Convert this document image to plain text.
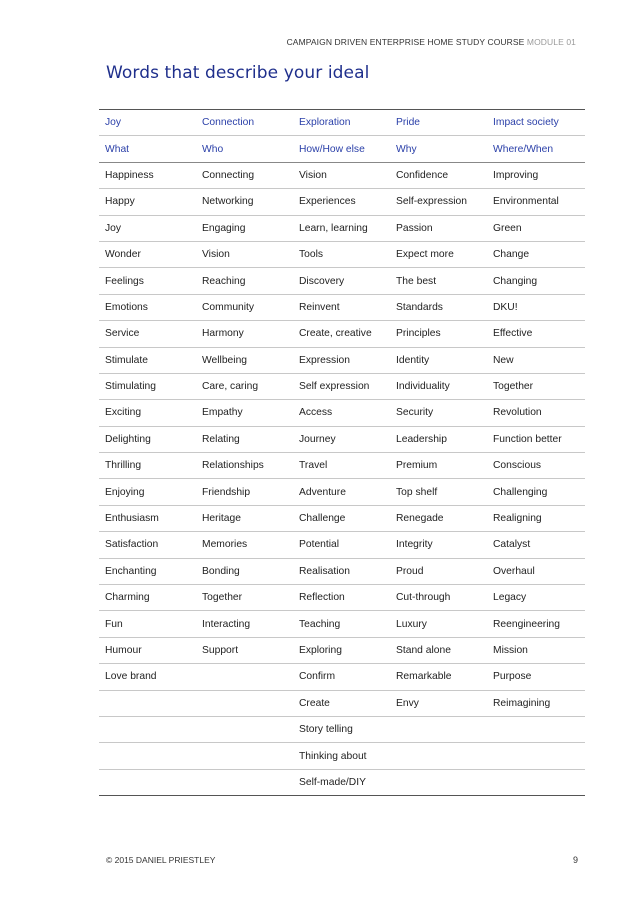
CAMPAIGN DRIVEN ENTERPRISE HOME STUDY COURSE MODULE 01
Words that describe your ideal
Joy	Connection	Exploration	Pride	Impact society
What	Who	How/How else	Why	Where/When
Happiness	Connecting	Vision	Confidence	Improving
Happy	Networking	Experiences	Self-expression	Environmental
Joy	Engaging	Learn, learning	Passion	Green
Wonder	Vision	Tools	Expect more	Change
Feelings	Reaching	Discovery	The best	Changing
Emotions	Community	Reinvent	Standards	DKU!
Service	Harmony	Create, creative	Principles	Effective
Stimulate	Wellbeing	Expression	Identity	New
Stimulating	Care, caring	Self expression	Individuality	Together
Exciting	Empathy	Access	Security	Revolution
Delighting	Relating	Journey	Leadership	Function better
Thrilling	Relationships	Travel	Premium	Conscious
Enjoying	Friendship	Adventure	Top shelf	Challenging
Enthusiasm	Heritage	Challenge	Renegade	Realigning
Satisfaction	Memories	Potential	Integrity	Catalyst
Enchanting	Bonding	Realisation	Proud	Overhaul
Charming	Together	Reflection	Cut-through	Legacy
Fun	Interacting	Teaching	Luxury	Reengineering
Humour	Support	Exploring	Stand alone	Mission
Love brand		Confirm	Remarkable	Purpose
		Create	Envy	Reimagining
		Story telling		
		Thinking about		
		Self-made/DIY		
© 2015 DANIEL PRIESTLEY	9
